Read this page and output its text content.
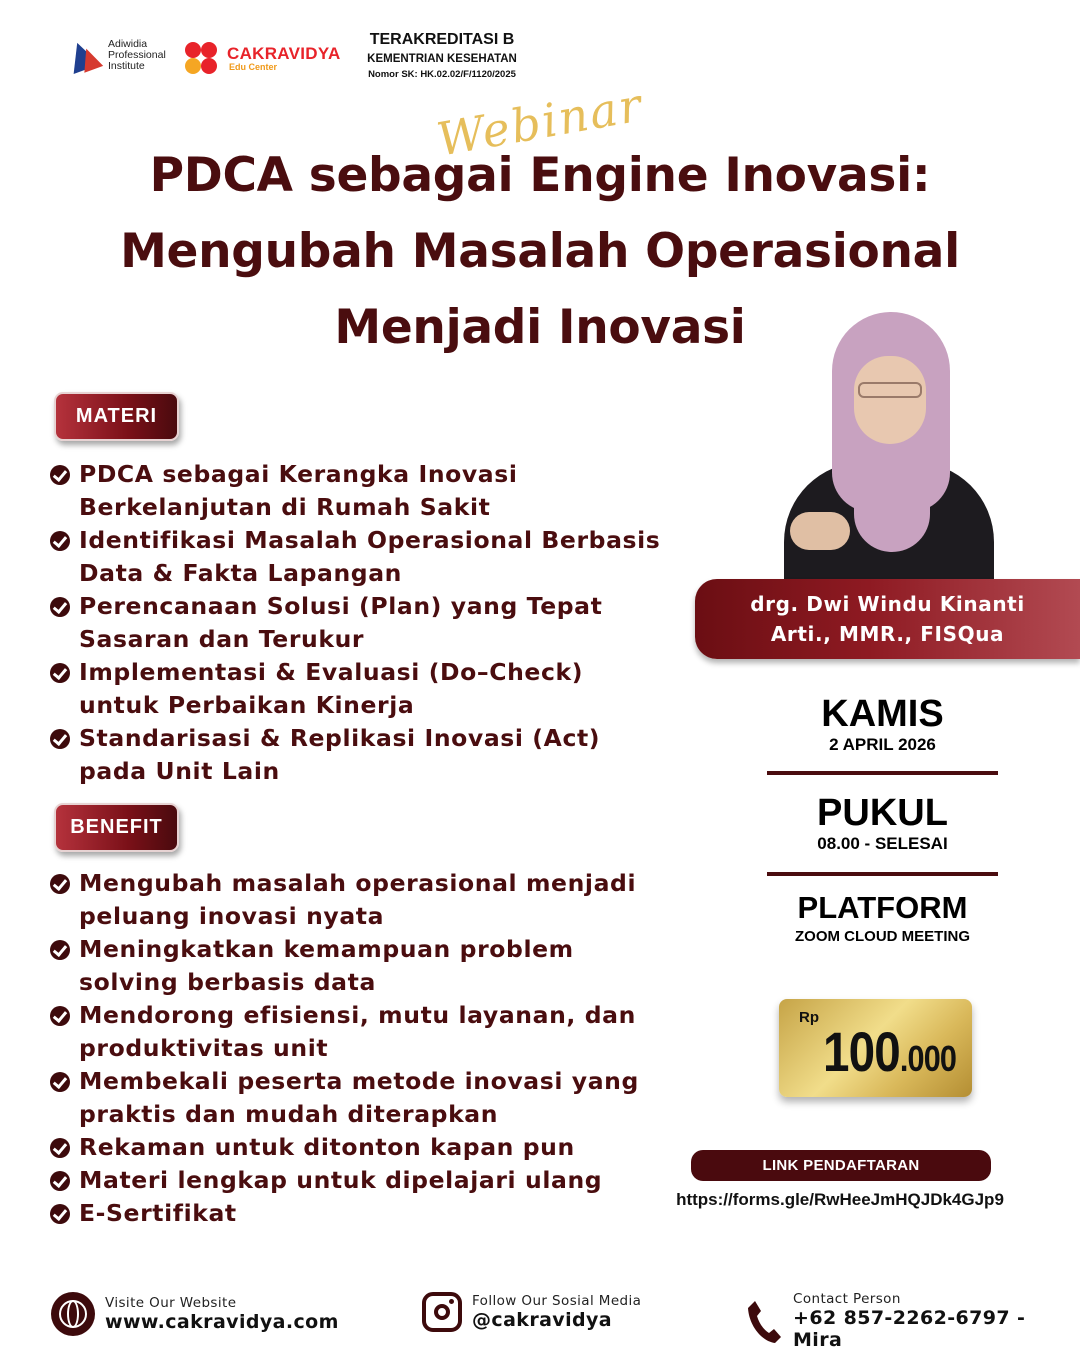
Adiwidia Professional Institute
CAKRAVIDYA
Edu Center
TERAKREDITASI B
KEMENTRIAN KESEHATAN
Nomor SK: HK.02.02/F/1120/2025
Webinar
PDCA sebagai Engine Inovasi:
Mengubah Masalah Operasional
Menjadi Inovasi
MATERI
PDCA sebagai Kerangka Inovasi Berkelanjutan di Rumah Sakit
Identifikasi Masalah Operasional Berbasis Data & Fakta Lapangan
Perencanaan Solusi (Plan) yang Tepat Sasaran dan Terukur
Implementasi & Evaluasi (Do–Check) untuk Perbaikan Kinerja
Standarisasi & Replikasi Inovasi (Act) pada Unit Lain
BENEFIT
Mengubah masalah operasional menjadi peluang inovasi nyata
Meningkatkan kemampuan problem solving berbasis data
Mendorong efisiensi, mutu layanan, dan produktivitas unit
Membekali peserta metode inovasi yang praktis dan mudah diterapkan
Rekaman untuk ditonton kapan pun
Materi lengkap untuk dipelajari ulang
E-Sertifikat
drg. Dwi Windu Kinanti
Arti., MMR., FISQua
KAMIS
2 APRIL 2026
PUKUL
08.00 - SELESAI
PLATFORM
ZOOM CLOUD MEETING
Rp
100.000
LINK PENDAFTARAN
https://forms.gle/RwHeeJmHQJDk4GJp9
Visite Our Website
www.cakravidya.com
Follow Our Sosial Media
@cakravidya
Contact Person
+62 857-2262-6797 - Mira
